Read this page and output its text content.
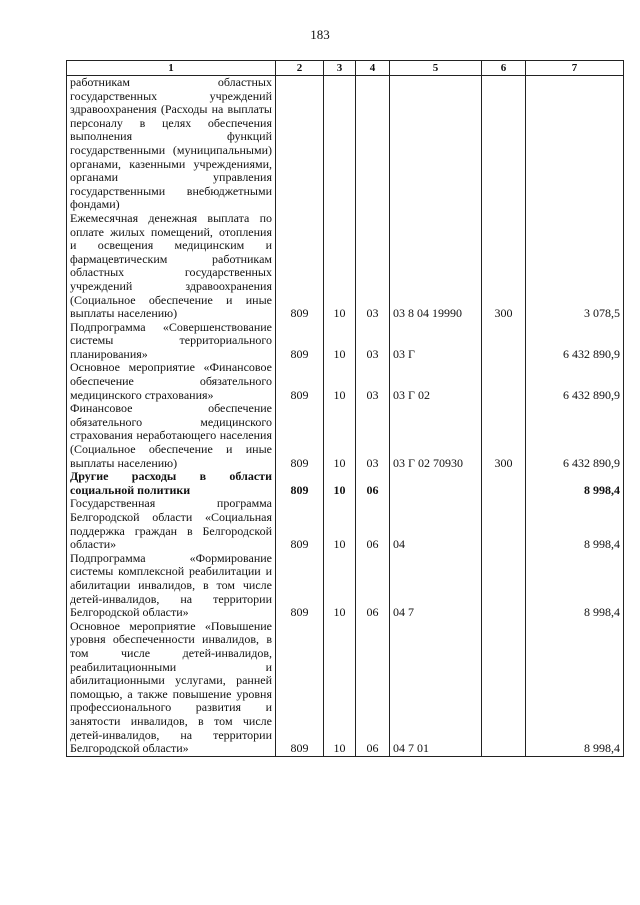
183
1	2	3	4	5	6	7
работникам областных государственных учреждений здравоохранения (Расходы на выплаты персоналу в целях обеспечения выполнения функций государственными (муниципальными) органами, казенными учреждениями, органами управления государственными внебюджетными фондами)						
Ежемесячная денежная выплата по оплате жилых помещений, отопления и освещения медицинским и фармацевтическим работникам областных государственных учреждений здравоохранения (Социальное обеспечение и иные выплаты населению)	809	10	03	03 8 04 19990	300	3 078,5
Подпрограмма «Совершенствование системы территориального планирования»	809	10	03	03 Г		6 432 890,9
Основное мероприятие «Финансовое обеспечение обязательного медицинского страхования»	809	10	03	03 Г 02		6 432 890,9
Финансовое обеспечение обязательного медицинского страхования неработающего населения (Социальное обеспечение и иные выплаты населению)	809	10	03	03 Г 02 70930	300	6 432 890,9
Другие расходы в области социальной политики	809	10	06			8 998,4
Государственная программа Белгородской области «Социальная поддержка граждан в Белгородской области»	809	10	06	04		8 998,4
Подпрограмма «Формирование системы комплексной реабилитации и абилитации инвалидов, в том числе детей-инвалидов, на территории Белгородской области»	809	10	06	04 7		8 998,4
Основное мероприятие «Повышение уровня обеспеченности инвалидов, в том числе детей-инвалидов, реабилитационными и абилитационными услугами, ранней помощью, а также повышение уровня профессионального развития и занятости инвалидов, в том числе детей-инвалидов, на территории Белгородской области»	809	10	06	04 7 01		8 998,4
